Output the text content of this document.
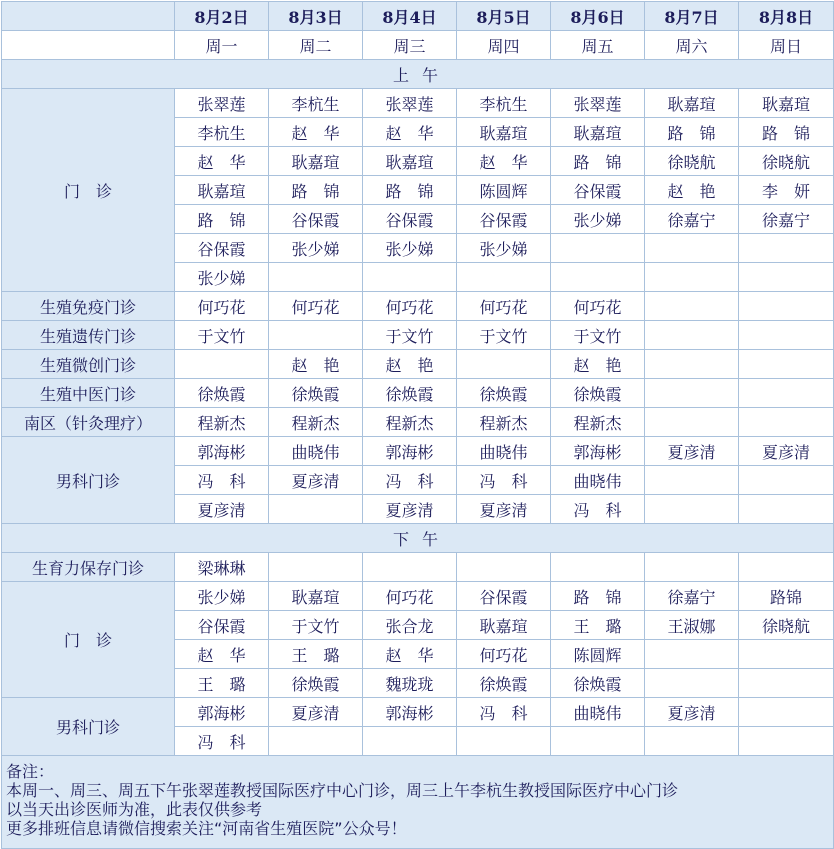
	8月2日	8月3日	8月4日	8月5日	8月6日	8月7日	8月8日
	周一	周二	周三	周四	周五	周六	周日
上 午							
门　诊	张翠莲	李杭生	张翠莲	李杭生	张翠莲	耿嘉瑄	耿嘉瑄
	李杭生	赵　华	赵　华	耿嘉瑄	耿嘉瑄	路　锦	路　锦
	赵　华	耿嘉瑄	耿嘉瑄	赵　华	路　锦	徐晓航	徐晓航
	耿嘉瑄	路　锦	路　锦	陈圆辉	谷保霞	赵　艳	李　妍
	路　锦	谷保霞	谷保霞	谷保霞	张少娣	徐嘉宁	徐嘉宁
	谷保霞	张少娣	张少娣	张少娣			
	张少娣						
生殖免疫门诊	何巧花	何巧花	何巧花	何巧花	何巧花		
生殖遗传门诊	于文竹		于文竹	于文竹	于文竹		
生殖微创门诊		赵　艳	赵　艳		赵　艳		
生殖中医门诊	徐焕霞	徐焕霞	徐焕霞	徐焕霞	徐焕霞		
南区（针灸理疗）	程新杰	程新杰	程新杰	程新杰	程新杰		
男科门诊	郭海彬	曲晓伟	郭海彬	曲晓伟	郭海彬	夏彦清	夏彦清
	冯　科	夏彦清	冯　科	冯　科	曲晓伟		
	夏彦清		夏彦清	夏彦清	冯　科		
下 午							
生育力保存门诊	梁琳琳						
门　诊	张少娣	耿嘉瑄	何巧花	谷保霞	路　锦	徐嘉宁	路锦
	谷保霞	于文竹	张合龙	耿嘉瑄	王　璐	王淑娜	徐晓航
	赵　华	王　璐	赵　华	何巧花	陈圆辉		
	王　璐	徐焕霞	魏珑珑	徐焕霞	徐焕霞		
男科门诊	郭海彬	夏彦清	郭海彬	冯　科	曲晓伟	夏彦清	
	冯　科						

备注：
本周一、周三、周五下午张翠莲教授国际医疗中心门诊，周三上午李杭生教授国际医疗中心门诊
以当天出诊医师为准，此表仅供参考
更多排班信息请微信搜索关注“河南省生殖医院”公众号！							
